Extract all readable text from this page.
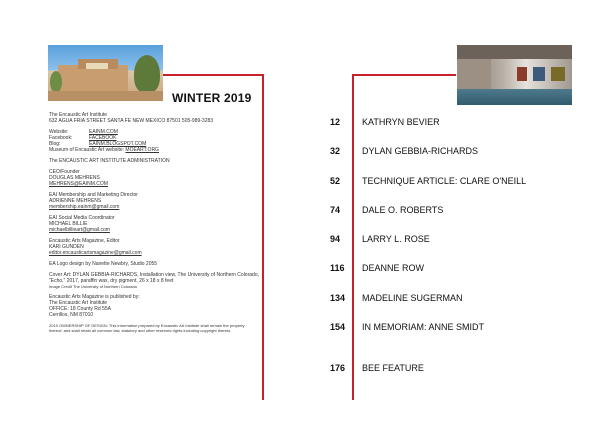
WINTER 2019
The Encaustic Art Institute
632 AGUA FRIA STREET SANTA FE NEW MEXICO 87501 505-989-3283
Website:	EAINM.COM
Facebook:	FACEBOOK
Blog:	EAINM.BLOGSPOT.COM
Museum of Encaustic Art website: MOEART.ORG
The ENCAUSTIC ART INSTITUTE ADMINISTRATION
CEO/Founder
DOUGLAS MEHRENS
MEHRENS@EAINM.COM
EAI Membership and Marketing Director
ADRIENNE MEHRENS
membership.eainm@gmail.com
EAI Social Media Coordinator
MICHAEL BILLIE
michaelbillieart@gmail.com
Encaustic Arts Magazine, Editor
KARI GUNDEN
editor.encausticartsmagazine@gmail.com
EA Logo design by Nanette Newbry, Studio 2055
Cover Art: DYLAN GEBBIA-RICHARDS, Installation view, The University of Northern Colorado,
"Echo," 2017, paraffin wax, dry pigment, 26 x 18 x 8 feet
Image Credit The University of Northern Colorado
Encaustic Arts Magazine is published by:
The Encaustic Art Institute
OFFICE: 18 County Rd 55A
Cerrillos, NM 87010
2019 OWNERSHIP OF DESIGN: This information prepared by Encaustic Art Institute shall remain the property
thereof, and shall retain all common law, statutory and other reserved rights including copyright thereto.
12	KATHRYN BEVIER
32	DYLAN GEBBIA-RICHARDS
52	TECHNIQUE ARTICLE: CLARE O'NEILL
74	DALE O. ROBERTS
94	LARRY L. ROSE
116	DEANNE ROW
134	MADELINE SUGERMAN
154	IN MEMORIAM: ANNE SMIDT
176	BEE FEATURE
